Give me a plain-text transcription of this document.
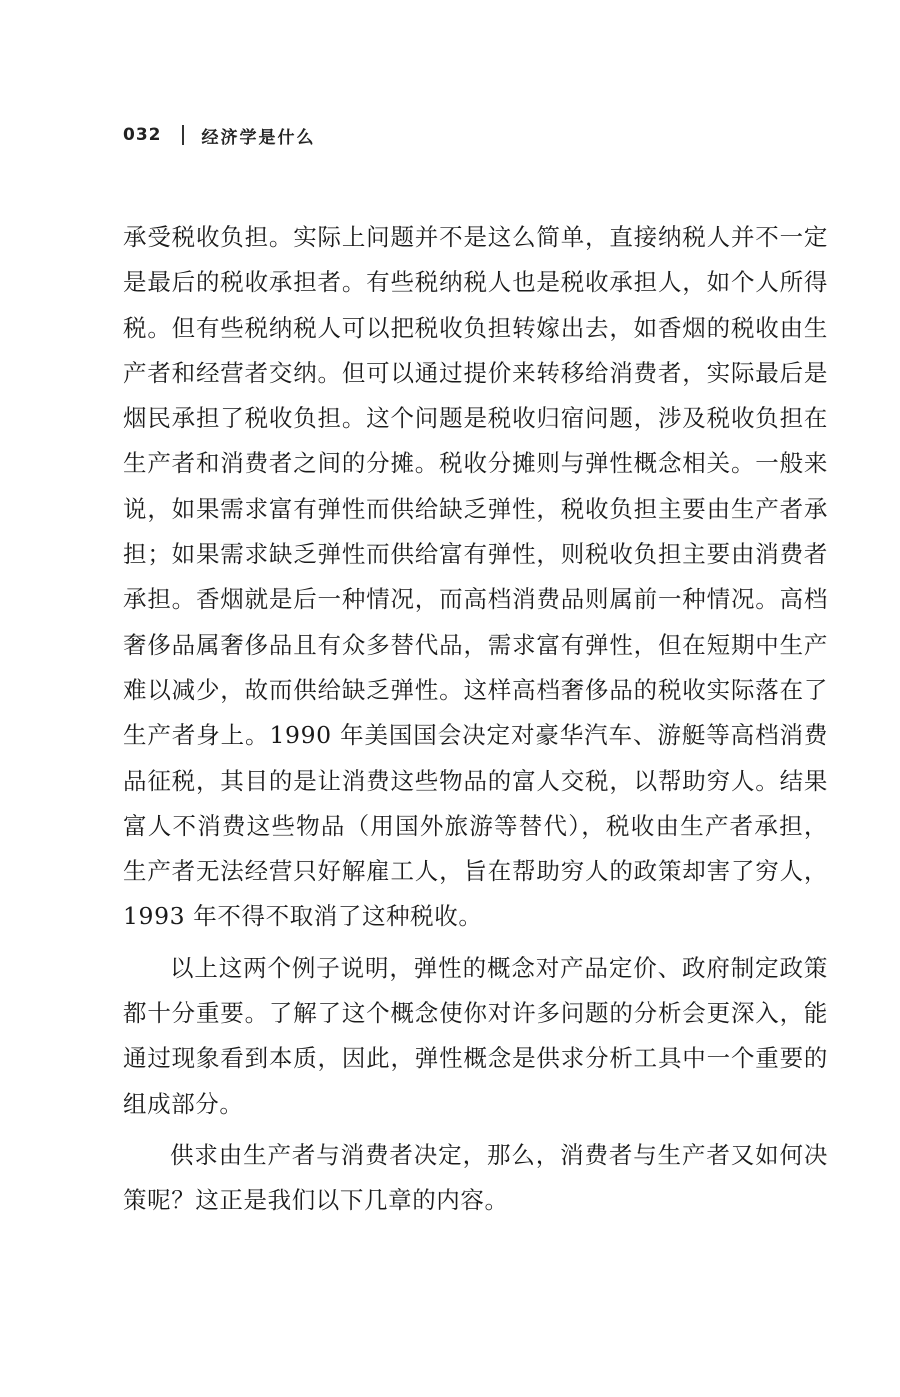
032 经济学是什么

承受税收负担。实际上问题并不是这么简单，直接纳税人并不一定是最后的税收承担者。有些税纳税人也是税收承担人，如个人所得税。但有些税纳税人可以把税收负担转嫁出去，如香烟的税收由生产者和经营者交纳。但可以通过提价来转移给消费者，实际最后是烟民承担了税收负担。这个问题是税收归宿问题，涉及税收负担在生产者和消费者之间的分摊。税收分摊则与弹性概念相关。一般来说，如果需求富有弹性而供给缺乏弹性，税收负担主要由生产者承担；如果需求缺乏弹性而供给富有弹性，则税收负担主要由消费者承担。香烟就是后一种情况，而高档消费品则属前一种情况。高档奢侈品属奢侈品且有众多替代品，需求富有弹性，但在短期中生产难以减少，故而供给缺乏弹性。这样高档奢侈品的税收实际落在了生产者身上。1990 年美国国会决定对豪华汽车、游艇等高档消费品征税，其目的是让消费这些物品的富人交税，以帮助穷人。结果富人不消费这些物品（用国外旅游等替代），税收由生产者承担，生产者无法经营只好解雇工人，旨在帮助穷人的政策却害了穷人，1993 年不得不取消了这种税收。

以上这两个例子说明，弹性的概念对产品定价、政府制定政策都十分重要。了解了这个概念使你对许多问题的分析会更深入，能通过现象看到本质，因此，弹性概念是供求分析工具中一个重要的组成部分。

供求由生产者与消费者决定，那么，消费者与生产者又如何决策呢？这正是我们以下几章的内容。
